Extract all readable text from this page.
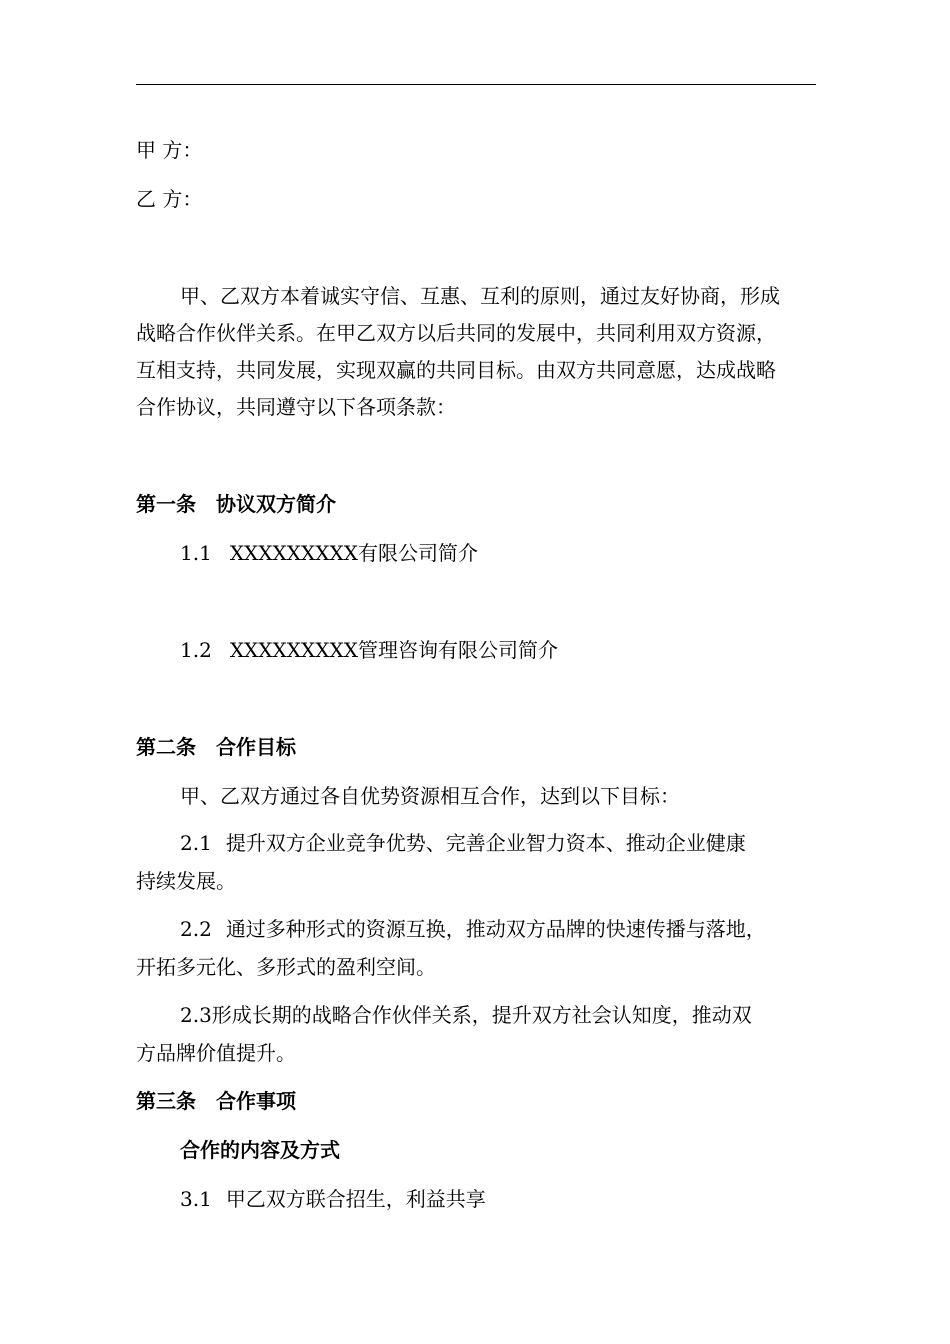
甲 方：
乙 方：
甲、乙双方本着诚实守信、互惠、互利的原则，通过友好协商，形成
战略合作伙伴关系。在甲乙双方以后共同的发展中，共同利用双方资源，
互相支持，共同发展，实现双赢的共同目标。由双方共同意愿，达成战略
合作协议，共同遵守以下各项条款：
第一条　协议双方简介
1.1 XXXXXXXXX有限公司简介
1.2 XXXXXXXXX管理咨询有限公司简介
第二条　合作目标
甲、乙双方通过各自优势资源相互合作，达到以下目标：
2.1 提升双方企业竞争优势、完善企业智力资本、推动企业健康
持续发展。
2.2 通过多种形式的资源互换，推动双方品牌的快速传播与落地，
开拓多元化、多形式的盈利空间。
2.3形成长期的战略合作伙伴关系，提升双方社会认知度，推动双
方品牌价值提升。
第三条　合作事项
合作的内容及方式
3.1 甲乙双方联合招生，利益共享
